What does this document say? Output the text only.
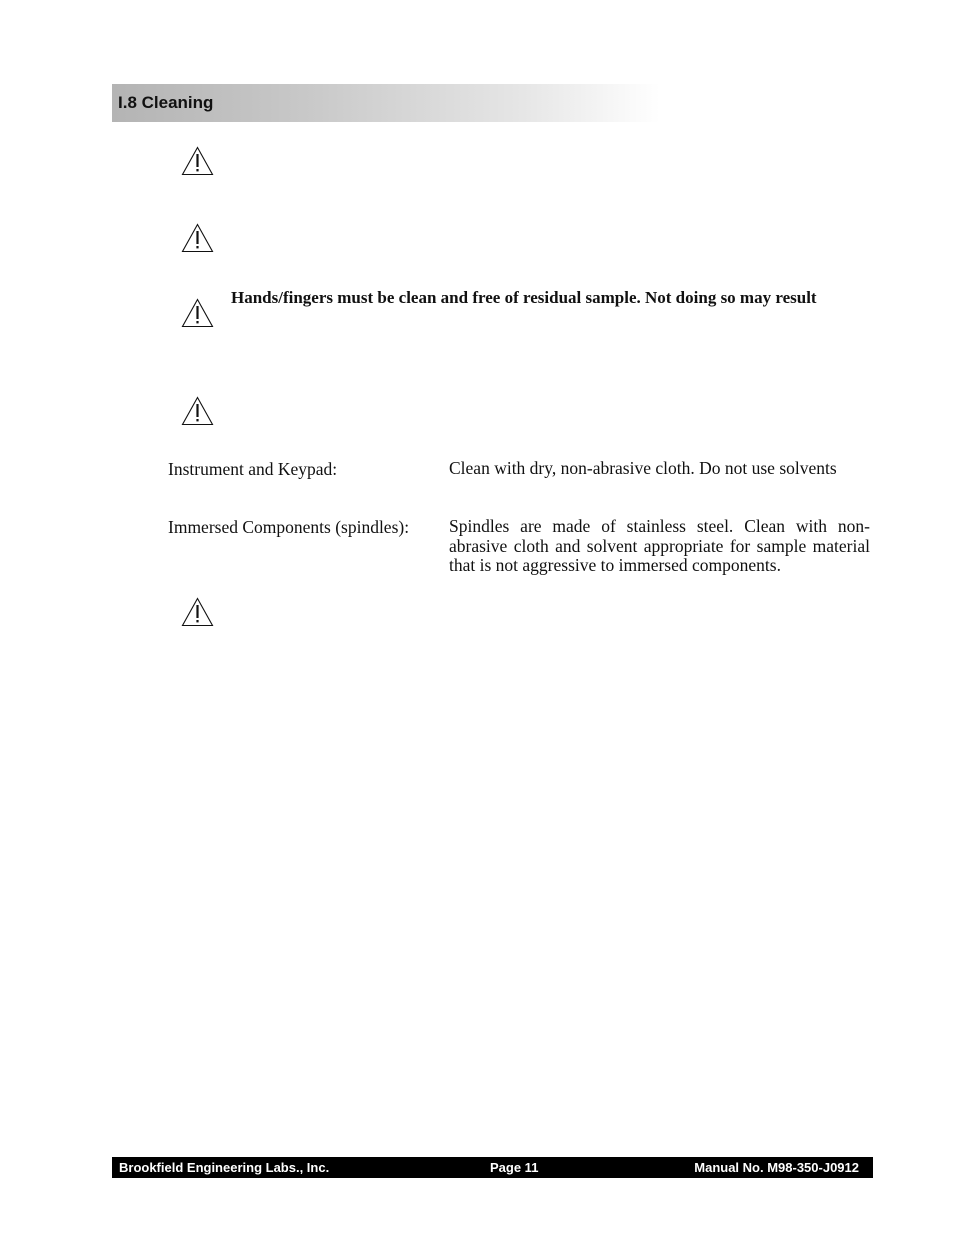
I.8 Cleaning
Hands/fingers must be clean and free of residual sample. Not doing so may result
Instrument and Keypad:	Clean with dry, non-abrasive cloth. Do not use solvents
Immersed Components (spindles): Spindles are made of stainless steel. Clean with non-abrasive cloth and solvent appropriate for sample material that is not aggressive to immersed components.
Brookfield Engineering Labs., Inc.	Page 11	Manual No. M98-350-J0912
